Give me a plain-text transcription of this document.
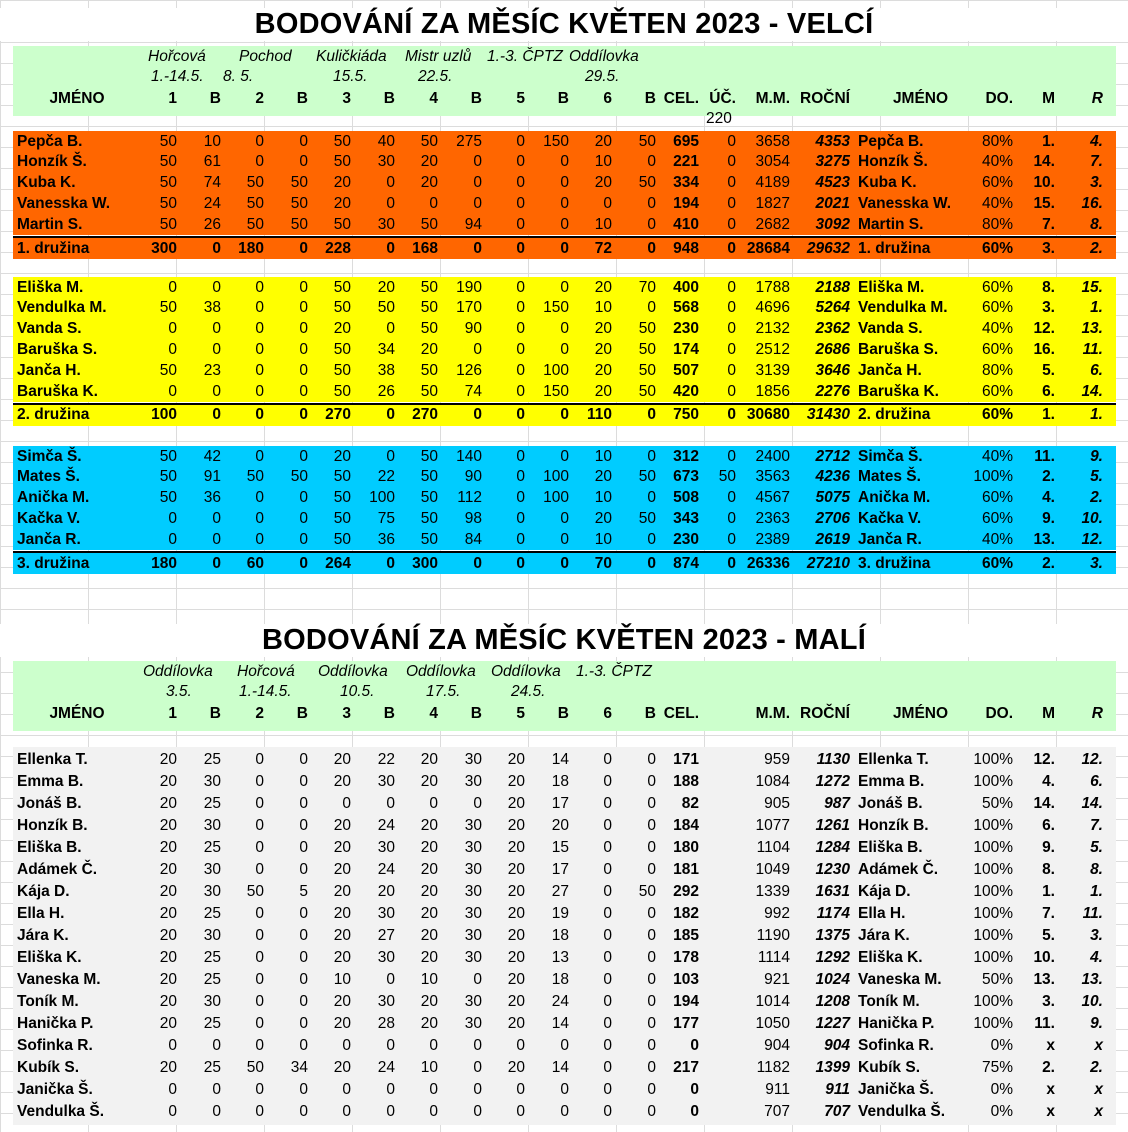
BODOVÁNÍ ZA MĚSÍC KVĚTEN 2023 - VELCÍ
Hořcová Pochod Kuličkiáda Mistr uzlů 1.-3. ČPTZ Oddílovka
1.-14.5. 8. 5.	15.5.	22.5.	29.5.
JMÉNO	1	B	2	B	3	B	4	B	5	B	6	B CEL. ÚČ.	M.M. ROČNÍ	JMÉNO	DO.	M	R
220
Pepča B.	50	10	0	0	50	40	50	275	0	150	20	50	695	0	3658	4353 Pepča B.	80%	1.	4.
Honzík Š.	50	61	0	0	50	30	20	0	0	0	10	0	221	0	3054	3275 Honzík Š.	40%	14.	7.
Kuba K.	50	74	50	50	20	0	20	0	0	0	20	50	334	0	4189	4523 Kuba K.	60%	10.	3.
Vanesska W.	50	24	50	50	20	0	0	0	0	0	0	0	194	0	1827	2021 Vanesska W.	40%	15.	16.
Martin S.	50	26	50	50	50	30	50	94	0	0	10	0	410	0	2682	3092 Martin S.	80%	7.	8.
1. družina	300	0	180	0	228	0	168	0	0	0	72	0	948	0 28684	29632 1. družina	60%	3.	2.
Eliška M.	0	0	0	0	50	20	50	190	0	0	20	70	400	0	1788	2188 Eliška M.	60%	8.	15.
Vendulka M.	50	38	0	0	50	50	50	170	0	150	10	0	568	0	4696	5264 Vendulka M.	60%	3.	1.
Vanda S.	0	0	0	0	20	0	50	90	0	0	20	50	230	0	2132	2362 Vanda S.	40%	12.	13.
Baruška S.	0	0	0	0	50	34	20	0	0	0	20	50	174	0	2512	2686 Baruška S.	60%	16.	11.
Janča H.	50	23	0	0	50	38	50	126	0	100	20	50	507	0	3139	3646 Janča H.	80%	5.	6.
Baruška K.	0	0	0	0	50	26	50	74	0	150	20	50	420	0	1856	2276 Baruška K.	60%	6.	14.
2. družina	100	0	0	0	270	0	270	0	0	0	110	0	750	0 30680	31430 2. družina	60%	1.	1.
Simča Š.	50	42	0	0	20	0	50	140	0	0	10	0	312	0	2400	2712 Simča Š.	40%	11.	9.
Mates Š.	50	91	50	50	50	22	50	90	0	100	20	50	673	50	3563	4236 Mates Š.	100%	2.	5.
Anička M.	50	36	0	0	50	100	50	112	0	100	10	0	508	0	4567	5075 Anička M.	60%	4.	2.
Kačka V.	0	0	0	0	50	75	50	98	0	0	20	50	343	0	2363	2706 Kačka V.	60%	9.	10.
Janča R.	0	0	0	0	50	36	50	84	0	0	10	0	230	0	2389	2619 Janča R.	40%	13.	12.
3. družina	180	0	60	0	264	0	300	0	0	0	70	0	874	0 26336	27210 3. družina	60%	2.	3.
BODOVÁNÍ ZA MĚSÍC KVĚTEN 2023 - MALÍ
Oddílovka Hořcová Oddílovka Oddílovka Oddílovka 1.-3. ČPTZ
3.5.	1.-14.5.	10.5.	17.5.	24.5.
JMÉNO	1	B	2	B	3	B	4	B	5	B	6	B CEL.	M.M. ROČNÍ	JMÉNO	DO.	M	R
Ellenka T.	20	25	0	0	20	22	20	30	20	14	0	0	171	959	1130 Ellenka T.	100%	12.	12.
Emma B.	20	30	0	0	20	30	20	30	20	18	0	0	188	1084	1272 Emma B.	100%	4.	6.
Jonáš B.	20	25	0	0	0	0	0	0	20	17	0	0	82	905	987 Jonáš B.	50%	14.	14.
Honzík B.	20	30	0	0	20	24	20	30	20	20	0	0	184	1077	1261 Honzík B.	100%	6.	7.
Eliška B.	20	25	0	0	20	30	20	30	20	15	0	0	180	1104	1284 Eliška B.	100%	9.	5.
Adámek Č.	20	30	0	0	20	24	20	30	20	17	0	0	181	1049	1230 Adámek Č.	100%	8.	8.
Kája D.	20	30	50	5	20	20	20	30	20	27	0	50	292	1339	1631 Kája D.	100%	1.	1.
Ella H.	20	25	0	0	20	30	20	30	20	19	0	0	182	992	1174 Ella H.	100%	7.	11.
Jára K.	20	30	0	0	20	27	20	30	20	18	0	0	185	1190	1375 Jára K.	100%	5.	3.
Eliška K.	20	25	0	0	20	30	20	30	20	13	0	0	178	1114	1292 Eliška K.	100%	10.	4.
Vaneska M.	20	25	0	0	10	0	10	0	20	18	0	0	103	921	1024 Vaneska M.	50%	13.	13.
Toník M.	20	30	0	0	20	30	20	30	20	24	0	0	194	1014	1208 Toník M.	100%	3.	10.
Hanička P.	20	25	0	0	20	28	20	30	20	14	0	0	177	1050	1227 Hanička P.	100%	11.	9.
Sofinka R.	0	0	0	0	0	0	0	0	0	0	0	0	0	904	904 Sofinka R.	0%	x	x
Kubík S.	20	25	50	34	20	24	10	0	20	14	0	0	217	1182	1399 Kubík S.	75%	2.	2.
Janička Š.	0	0	0	0	0	0	0	0	0	0	0	0	0	911	911 Janička Š.	0%	x	x
Vendulka Š.	0	0	0	0	0	0	0	0	0	0	0	0	0	707	707 Vendulka Š.	0%	x	x
